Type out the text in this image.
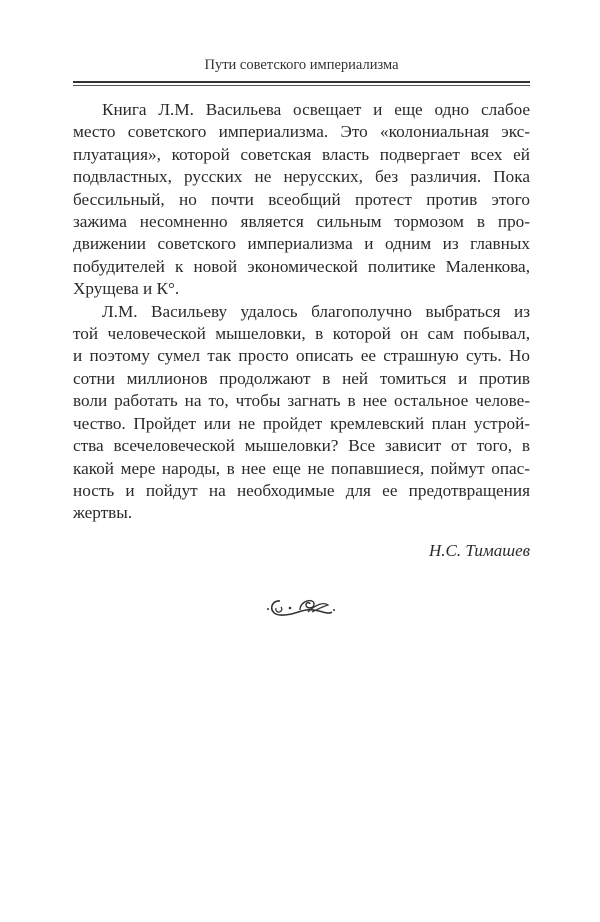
Пути советского империализма
Книга Л.М. Васильева освещает и еще одно слабое
место советского империализма. Это «колониальная экс-
плуатация», которой советская власть подвергает всех ей
подвластных, русских не нерусских, без различия. Пока
бессильный, но почти всеобщий протест против этого
зажима несомненно является сильным тормозом в про-
движении советского империализма и одним из главных
побудителей к новой экономической политике Маленкова,
Хрущева и К°.
Л.М. Васильеву удалось благополучно выбраться из
той человеческой мышеловки, в которой он сам побывал,
и поэтому сумел так просто описать ее страшную суть. Но
сотни миллионов продолжают в ней томиться и против
воли работать на то, чтобы загнать в нее остальное челове-
чество. Пройдет или не пройдет кремлевский план устрой-
ства всечеловеческой мышеловки? Все зависит от того, в
какой мере народы, в нее еще не попавшиеся, поймут опас-
ность и пойдут на необходимые для ее предотвращения
жертвы.
Н.С. Тимашев
